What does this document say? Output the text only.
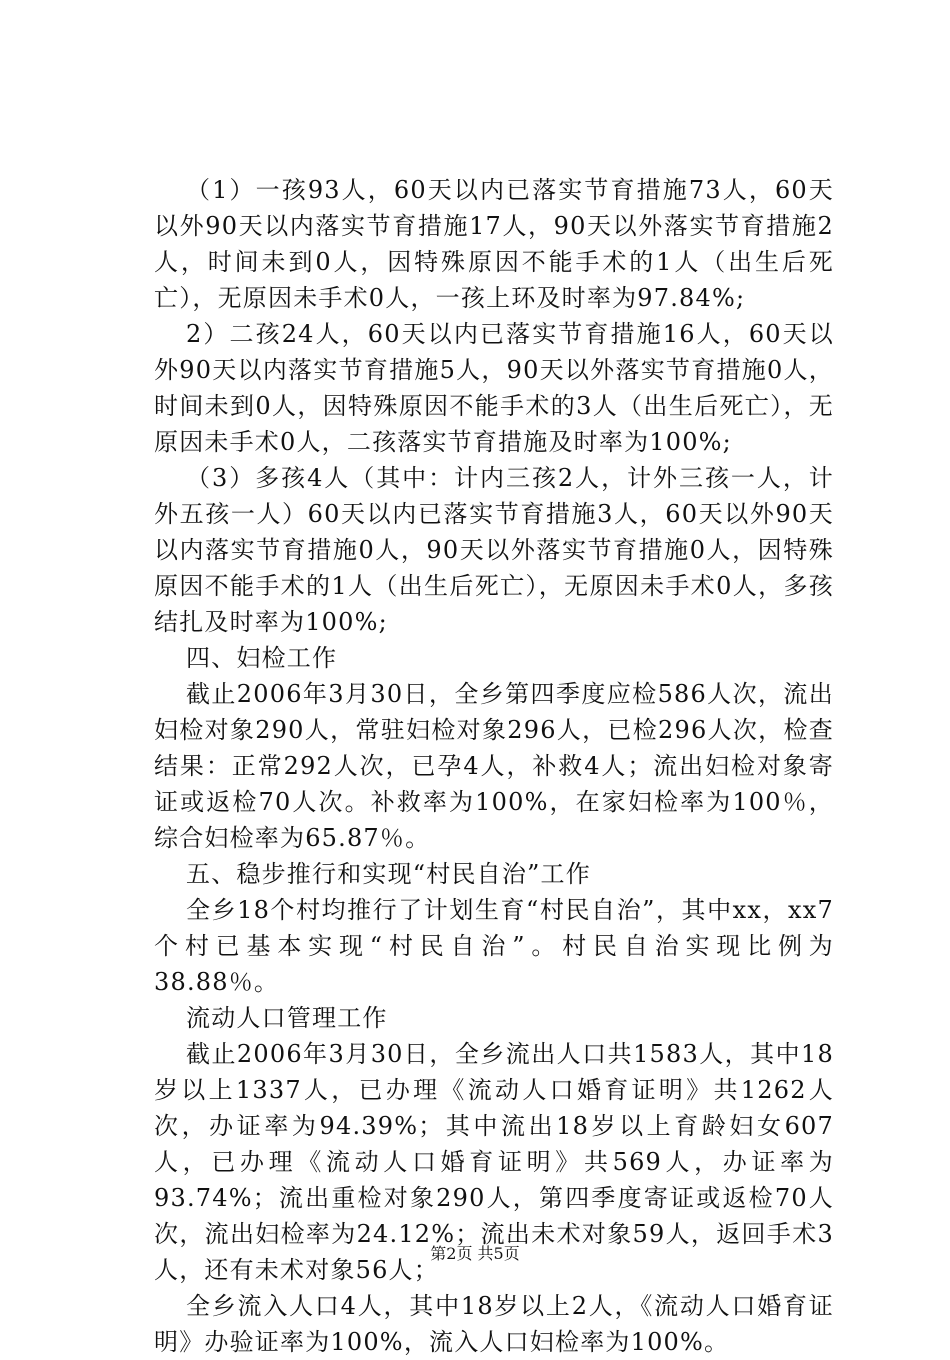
（1）一孩93人，60天以内已落实节育措施73人，60天以外90天以内落实节育措施17人，90天以外落实节育措施2人，时间未到0人，因特殊原因不能手术的1人（出生后死亡），无原因未手术0人，一孩上环及时率为97.84%;

2）二孩24人，60天以内已落实节育措施16人，60天以外90天以内落实节育措施5人，90天以外落实节育措施0人，时间未到0人，因特殊原因不能手术的3人（出生后死亡），无原因未手术0人，二孩落实节育措施及时率为100%;

（3）多孩4人（其中：计内三孩2人，计外三孩一人，计外五孩一人）60天以内已落实节育措施3人，60天以外90天以内落实节育措施0人，90天以外落实节育措施0人，因特殊原因不能手术的1人（出生后死亡），无原因未手术0人，多孩结扎及时率为100%;

四、妇检工作

截止2006年3月30日，全乡第四季度应检586人次，流出妇检对象290人，常驻妇检对象296人，已检296人次，检查结果：正常292人次，已孕4人，补救4人；流出妇检对象寄证或返检70人次。补救率为100%，在家妇检率为100％，综合妇检率为65.87％。

五、稳步推行和实现“村民自治”工作

全乡18个村均推行了计划生育“村民自治”，其中xx，xx7个村已基本实现“村民自治”。村民自治实现比例为38.88％。

流动人口管理工作

截止2006年3月30日，全乡流出人口共1583人，其中18岁以上1337人，已办理《流动人口婚育证明》共1262人次，办证率为94.39%；其中流出18岁以上育龄妇女607人，已办理《流动人口婚育证明》共569人，办证率为93.74%；流出重检对象290人，第四季度寄证或返检70人次，流出妇检率为24.12%；流出未术对象59人，返回手术3人，还有未术对象56人；

全乡流入人口4人，其中18岁以上2人，《流动人口婚育证明》办验证率为100%，流入人口妇检率为100%。

第2页 共5页
